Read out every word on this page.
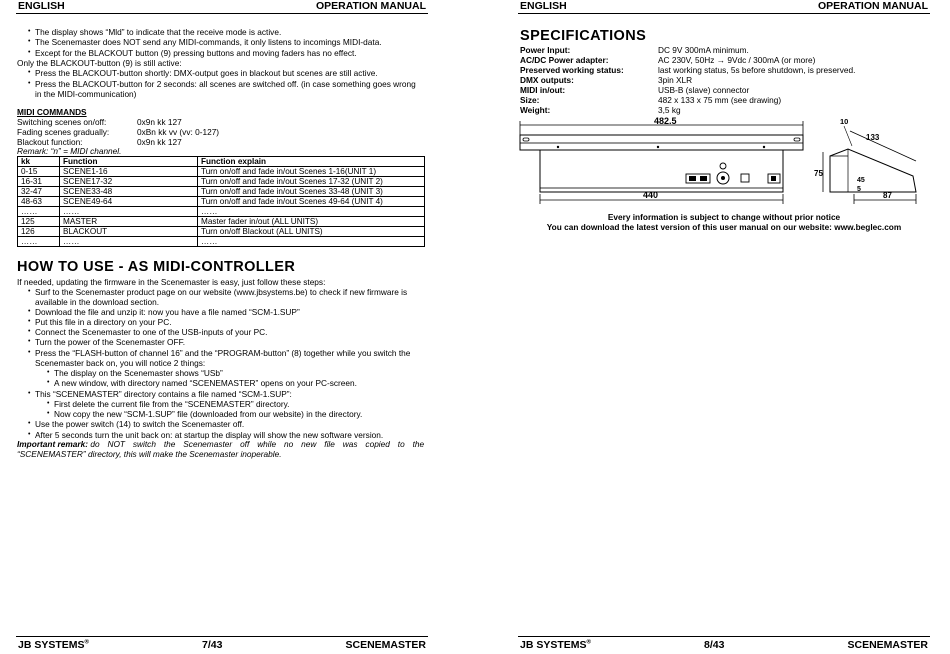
ENGLISH	OPERATION MANUAL
• The display shows “Mld” to indicate that the receive mode is active.
• The Scenemaster does NOT send any MIDI-commands, it only listens to incomings MIDI-data.
• Except for the BLACKOUT button (9) pressing buttons and moving faders has no effect.
Only the BLACKOUT-button (9) is still active:
• Press the BLACKOUT-button shortly: DMX-output goes in blackout but scenes are still active.
• Press the BLACKOUT-button for 2 seconds: all scenes are switched off. (in case something goes wrong
in the MIDI-communication)
MIDI COMMANDS
Switching scenes on/off:	0x9n kk 127
Fading scenes gradually:	0xBn kk vv (vv: 0-127)
Blackout function:	0x9n kk 127
Remark: “n” = MIDI channel.
kk	Function	Function explain
0-15	SCENE1-16	Turn on/off and fade in/out Scenes 1-16(UNIT 1)
16-31	SCENE17-32	Turn on/off and fade in/out Scenes 17-32 (UNIT 2)
32-47	SCENE33-48	Turn on/off and fade in/out Scenes 33-48 (UNIT 3)
48-63	SCENE49-64	Turn on/off and fade in/out Scenes 49-64 (UNIT 4)
……	……	……
125	MASTER	Master fader in/out (ALL UNITS)
126	BLACKOUT	Turn on/off Blackout (ALL UNITS)
……	……	……
HOW TO USE - AS MIDI-CONTROLLER
If needed, updating the firmware in the Scenemaster is easy, just follow these steps:
• Surf to the Scenemaster product page on our website (www.jbsystems.be) to check if new firmware is
available in the download section.
• Download the file and unzip it: now you have a file named “SCM-1.SUP”
• Put this file in a directory on your PC.
• Connect the Scenemaster to one of the USB-inputs of your PC.
• Turn the power of the Scenemaster OFF.
• Press the “FLASH-button of channel 16” and the “PROGRAM-button” (8) together while you switch the
Scenemaster back on, you will notice 2 things:
• The display on the Scenemaster shows “USb”
• A new window, with directory named “SCENEMASTER” opens on your PC-screen.
• This “SCENEMASTER” directory contains a file named “SCM-1.SUP”:
• First delete the current file from the “SCENEMASTER” directory.
• Now copy the new “SCM-1.SUP” file (downloaded from our website) in the directory.
• Use the power switch (14) to switch the Scenemaster off.
• After 5 seconds turn the unit back on: at startup the display will show the new software version.
Important remark: do NOT switch the Scenemaster off while no new file was copied to the
“SCENEMASTER” directory, this will make the Scenemaster inoperable.
JB SYSTEMS®	7/43	SCENEMASTER
ENGLISH	OPERATION MANUAL
SPECIFICATIONS
Power Input:	DC 9V 300mA minimum.
AC/DC Power adapter:	AC 230V, 50Hz → 9Vdc / 300mA (or more)
Preserved working status:	last working status, 5s before shutdown, is preserved.
DMX outputs:	3pin XLR
MIDI in/out:	USB-B (slave) connector
Size:	482 x 133 x 75 mm (see drawing)
Weight:	3,5 kg
482.5
440
75
133
10
45
5
87
Every information is subject to change without prior notice
You can download the latest version of this user manual on our website: www.beglec.com
JB SYSTEMS®	8/43	SCENEMASTER
